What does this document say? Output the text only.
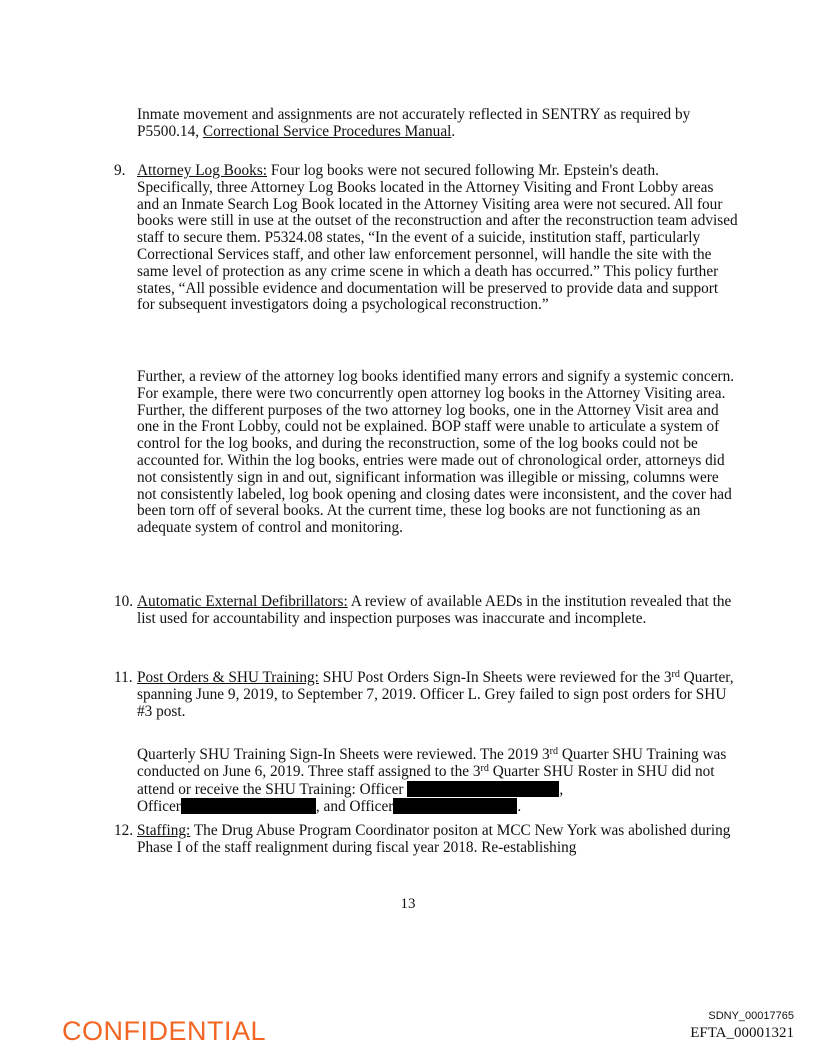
Inmate movement and assignments are not accurately reflected in SENTRY as required by P5500.14, Correctional Service Procedures Manual.

9. Attorney Log Books: Four log books were not secured following Mr. Epstein's death. Specifically, three Attorney Log Books located in the Attorney Visiting and Front Lobby areas and an Inmate Search Log Book located in the Attorney Visiting area were not secured. All four books were still in use at the outset of the reconstruction and after the reconstruction team advised staff to secure them. P5324.08 states, “In the event of a suicide, institution staff, particularly Correctional Services staff, and other law enforcement personnel, will handle the site with the same level of protection as any crime scene in which a death has occurred.” This policy further states, “All possible evidence and documentation will be preserved to provide data and support for subsequent investigators doing a psychological reconstruction.”

Further, a review of the attorney log books identified many errors and signify a systemic concern. For example, there were two concurrently open attorney log books in the Attorney Visiting area. Further, the different purposes of the two attorney log books, one in the Attorney Visit area and one in the Front Lobby, could not be explained. BOP staff were unable to articulate a system of control for the log books, and during the reconstruction, some of the log books could not be accounted for. Within the log books, entries were made out of chronological order, attorneys did not consistently sign in and out, significant information was illegible or missing, columns were not consistently labeled, log book opening and closing dates were inconsistent, and the cover had been torn off of several books. At the current time, these log books are not functioning as an adequate system of control and monitoring.

10. Automatic External Defibrillators: A review of available AEDs in the institution revealed that the list used for accountability and inspection purposes was inaccurate and incomplete.
11. Post Orders & SHU Training: SHU Post Orders Sign-In Sheets were reviewed for the 3rd Quarter, spanning June 9, 2019, to September 7, 2019. Officer L. Grey failed to sign post orders for SHU #3 post.

Quarterly SHU Training Sign-In Sheets were reviewed. The 2019 3rd Quarter SHU Training was conducted on June 6, 2019. Three staff assigned to the 3rd Quarter SHU Roster in SHU did not attend or receive the SHU Training: Officer	,
Officer	, and Officer	.

12. Staffing: The Drug Abuse Program Coordinator positon at MCC New York was abolished during Phase I of the staff realignment during fiscal year 2018. Re-establishing
13
SDNY_00017765
EFTA_00001321
CONFIDENTIAL
